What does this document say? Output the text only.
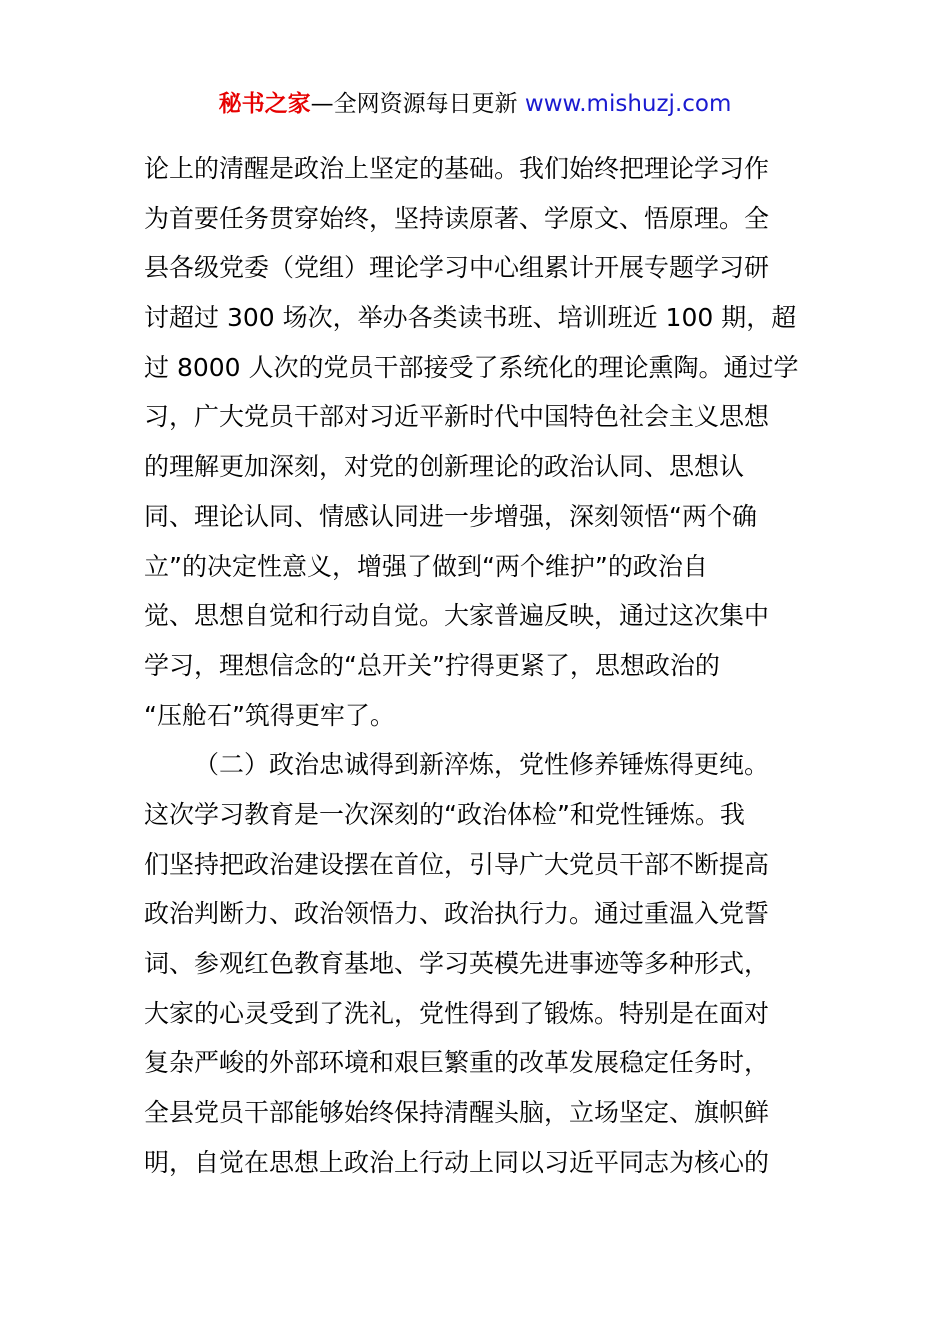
秘书之家—全网资源每日更新 www.mishuzj.com
论上的清醒是政治上坚定的基础。我们始终把理论学习作
为首要任务贯穿始终，坚持读原著、学原文、悟原理。全
县各级党委（党组）理论学习中心组累计开展专题学习研
讨超过 300 场次，举办各类读书班、培训班近 100 期，超
过 8000 人次的党员干部接受了系统化的理论熏陶。通过学
习，广大党员干部对习近平新时代中国特色社会主义思想
的理解更加深刻，对党的创新理论的政治认同、思想认
同、理论认同、情感认同进一步增强，深刻领悟“两个确
立”的决定性意义，增强了做到“两个维护”的政治自
觉、思想自觉和行动自觉。大家普遍反映，通过这次集中
学习，理想信念的“总开关”拧得更紧了，思想政治的
“压舱石”筑得更牢了。
（二）政治忠诚得到新淬炼，党性修养锤炼得更纯。
这次学习教育是一次深刻的“政治体检”和党性锤炼。我
们坚持把政治建设摆在首位，引导广大党员干部不断提高
政治判断力、政治领悟力、政治执行力。通过重温入党誓
词、参观红色教育基地、学习英模先进事迹等多种形式，
大家的心灵受到了洗礼，党性得到了锻炼。特别是在面对
复杂严峻的外部环境和艰巨繁重的改革发展稳定任务时，
全县党员干部能够始终保持清醒头脑，立场坚定、旗帜鲜
明，自觉在思想上政治上行动上同以习近平同志为核心的
